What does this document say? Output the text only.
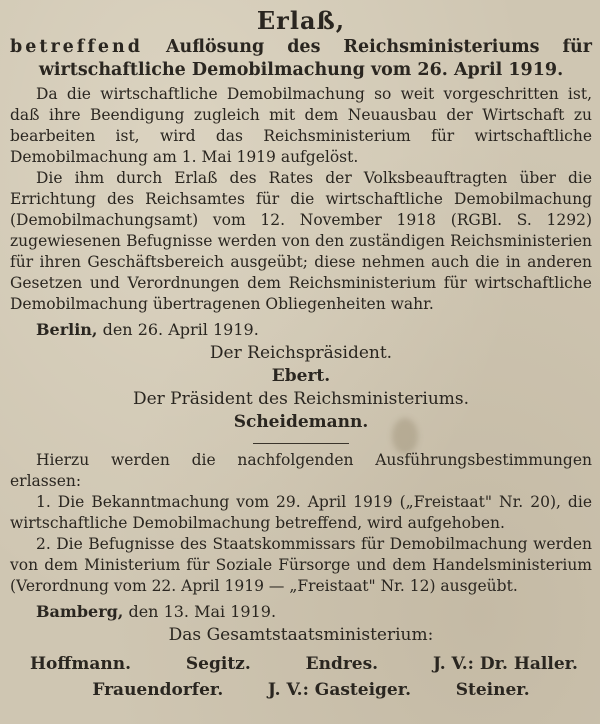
Erlaß,
betreffend Auflösung des Reichsministeriums für wirtschaftliche Demobilmachung vom 26. April 1919.

Da die wirtschaftliche Demobilmachung so weit vorgeschritten ist, daß ihre Beendigung zugleich mit dem Neuausbau der Wirtschaft zu bearbeiten ist, wird das Reichsministerium für wirtschaftliche Demobilmachung am 1. Mai 1919 aufgelöst.

Die ihm durch Erlaß des Rates der Volksbeauftragten über die Errichtung des Reichsamtes für die wirtschaftliche Demobilmachung (Demobilmachungsamt) vom 12. November 1918 (RGBl. S. 1292) zugewiesenen Befugnisse werden von den zuständigen Reichsministerien für ihren Geschäftsbereich ausgeübt; diese nehmen auch die in anderen Gesetzen und Verordnungen dem Reichsministerium für wirtschaftliche Demobilmachung übertragenen Obliegenheiten wahr.

Berlin, den 26. April 1919.
Der Reichspräsident.
Ebert.
Der Präsident des Reichsministeriums.
Scheidemann.

Hierzu werden die nachfolgenden Ausführungsbestimmungen erlassen:

1. Die Bekanntmachung vom 29. April 1919 („Freistaat" Nr. 20), die wirtschaftliche Demobilmachung betreffend, wird aufgehoben.

2. Die Befugnisse des Staatskommissars für Demobilmachung werden von dem Ministerium für Soziale Fürsorge und dem Handelsministerium (Verordnung vom 22. April 1919 — „Freistaat" Nr. 12) ausgeübt.

Bamberg, den 13. Mai 1919.
Das Gesamtstaatsministerium:
Hoffmann.	Segitz.	Endres.	J. V.: Dr. Haller.
Frauendorfer.	J. V.: Gasteiger.	Steiner.
